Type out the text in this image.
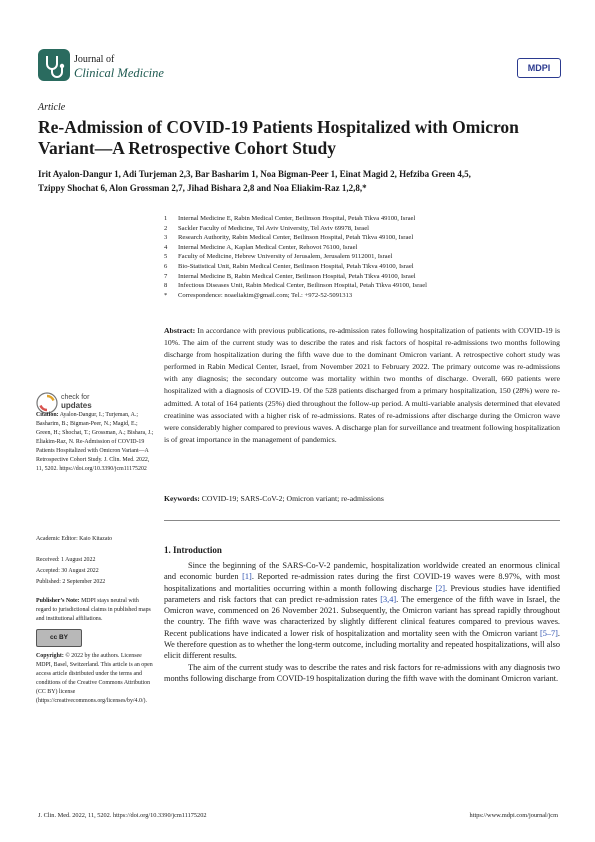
Journal of
Clinical Medicine	MDPI
Article
Re-Admission of COVID-19 Patients Hospitalized with Omicron Variant—A Retrospective Cohort Study
Irit Ayalon-Dangur 1, Adi Turjeman 2,3, Bar Basharim 1, Noa Bigman-Peer 1, Einat Magid 2, Hefziba Green 4,5,
Tzippy Shochat 6, Alon Grossman 2,7, Jihad Bishara 2,8 and Noa Eliakim-Raz 1,2,8,*
1	Internal Medicine E, Rabin Medical Center, Beilinson Hospital, Petah Tikva 49100, Israel
2	Sackler Faculty of Medicine, Tel Aviv University, Tel Aviv 69978, Israel
3	Research Authority, Rabin Medical Center, Beilinson Hospital, Petah Tikva 49100, Israel
4	Internal Medicine A, Kaplan Medical Center, Rehovot 76100, Israel
5	Faculty of Medicine, Hebrew University of Jerusalem, Jerusalem 9112001, Israel
6	Bio-Statistical Unit, Rabin Medical Center, Beilinson Hospital, Petah Tikva 49100, Israel
7	Internal Medicine B, Rabin Medical Center, Beilinson Hospital, Petah Tikva 49100, Israel
8	Infectious Diseases Unit, Rabin Medical Center, Beilinson Hospital, Petah Tikva 49100, Israel
*	Correspondence: noaeliakim@gmail.com; Tel.: +972-52-5091313
Abstract: In accordance with previous publications, re-admission rates following hospitalization of patients with COVID-19 is 10%. The aim of the current study was to describe the rates and risk factors of hospital re-admissions two months following discharge from hospitalization during the fifth wave due to the dominant Omicron variant. A retrospective cohort study was performed in Rabin Medical Center, Israel, from November 2021 to February 2022. The primary outcome was re-admissions with any diagnosis; the secondary outcome was mortality within two months of discharge. Overall, 660 patients were hospitalized with a diagnosis of COVID-19. Of the 528 patients discharged from a primary hospitalization, 150 (28%) were re-admitted. A total of 164 patients (25%) died throughout the follow-up period. A multi-variable analysis determined that elevated creatinine was associated with a higher risk of re-admissions. Rates of re-admissions after discharge during the Omicron wave were considerably higher compared to previous waves. A discharge plan for surveillance and treatment following hospitalization is of great importance in the management of pandemics.
Keywords: COVID-19; SARS-CoV-2; Omicron variant; re-admissions
1. Introduction

Since the beginning of the SARS-Co-V-2 pandemic, hospitalization worldwide created an enormous clinical and economic burden [1]. Reported re-admission rates during the first COVID-19 waves were 8.97%, with most hospitalizations and mortalities occurring within a month following discharge [2]. Previous studies have identified parameters and risk factors that can predict re-admission rates [3,4]. The emergence of the fifth wave in Israel, the Omicron wave, commenced on 26 November 2021. Subsequently, the Omicron variant has spread rapidly throughout the country. The fifth wave was characterized by slightly different clinical features compared to previous waves. Recent publications have indicated a lower risk of hospitalization and mortality seen with the Omicron variant [5–7]. We therefore question as to whether the long-term outcome, including mortality and repeated hospitalizations, will also elicit different results.

The aim of the current study was to describe the rates and risk factors for re-admissions with any diagnosis two months following discharge from COVID-19 hospitalization during the fifth wave with the dominant Omicron variant.

check for
updates
Citation: Ayalon-Dangur, I.; Turjeman, A.; Basharim, B.; Bigman-Peer, N.; Magid, E.; Green, H.; Shochat, T.; Grossman, A.; Bishara, J.; Eliakim-Raz, N. Re-Admission of COVID-19 Patients Hospitalized with Omicron Variant—A Retrospective Cohort Study. J. Clin. Med. 2022, 11, 5202. https://doi.org/10.3390/jcm11175202
Academic Editor: Kaio Kitazato
Received: 1 August 2022
Accepted: 30 August 2022
Published: 2 September 2022
Publisher’s Note: MDPI stays neutral with regard to jurisdictional claims in published maps and institutional affiliations.
cc BY
Copyright: © 2022 by the authors. Licensee MDPI, Basel, Switzerland. This article is an open access article distributed under the terms and conditions of the Creative Commons Attribution (CC BY) license (https://creativecommons.org/licenses/by/4.0/).
J. Clin. Med. 2022, 11, 5202. https://doi.org/10.3390/jcm11175202	https://www.mdpi.com/journal/jcm
